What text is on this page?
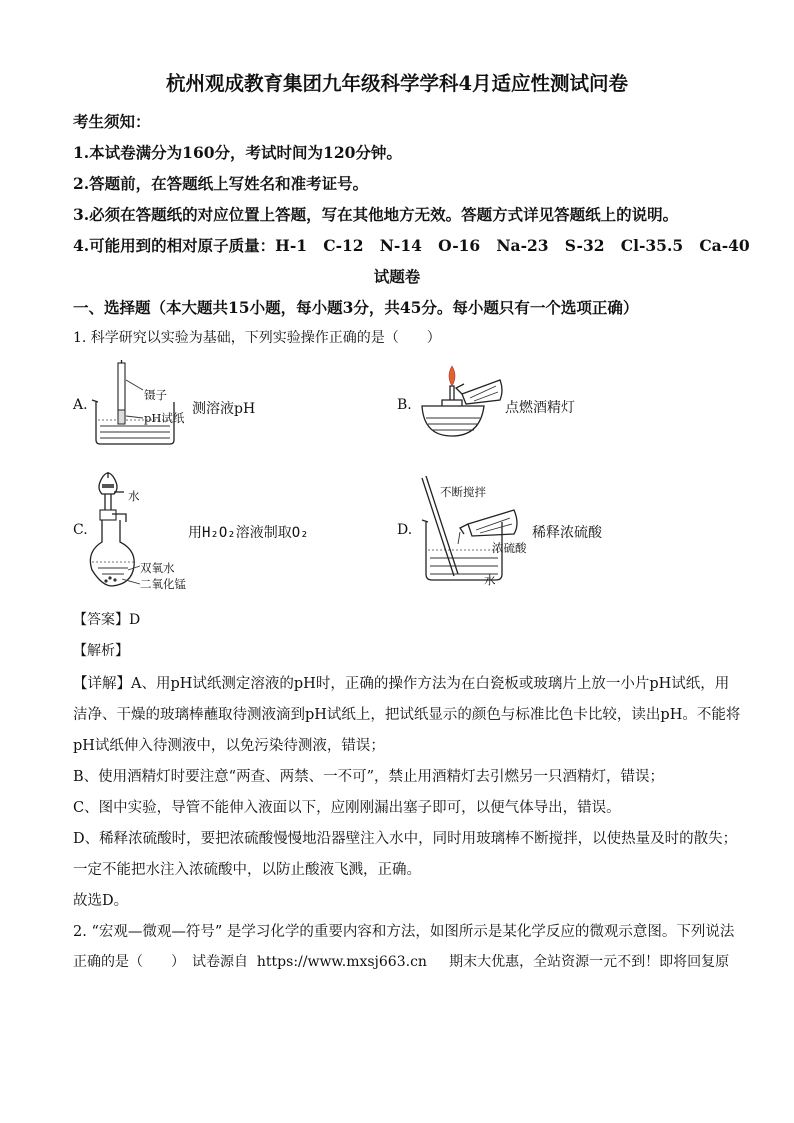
杭州观成教育集团九年级科学学科4月适应性测试问卷
考生须知：
1.本试卷满分为160分，考试时间为120分钟。
2.答题前，在答题纸上写姓名和准考证号。
3.必须在答题纸的对应位置上答题，写在其他地方无效。答题方式详见答题纸上的说明。
4.可能用到的相对原子质量：H-1   C-12   N-14   O-16   Na-23   S-32   Cl-35.5   Ca-40
试题卷
一、选择题（本大题共15小题，每小题3分，共45分。每小题只有一个选项正确）
1. 科学研究以实验为基础，下列实验操作正确的是（　　）
A.
镊子
pH试纸
测溶液pH	B.	点燃酒精灯
C.
水
双氧水
二氧化锰
用H₂O₂溶液制取O₂	D.
不断搅拌
浓硫酸
水
稀释浓硫酸
【答案】D
【解析】
【详解】A、用pH试纸测定溶液的pH时，正确的操作方法为在白瓷板或玻璃片上放一小片pH试纸，用
洁净、干燥的玻璃棒蘸取待测液滴到pH试纸上，把试纸显示的颜色与标准比色卡比较，读出pH。不能将
pH试纸伸入待测液中，以免污染待测液，错误；
B、使用酒精灯时要注意“两查、两禁、一不可”，禁止用酒精灯去引燃另一只酒精灯，错误；
C、图中实验，导管不能伸入液面以下，应刚刚漏出塞子即可，以便气体导出，错误。
D、稀释浓硫酸时，要把浓硫酸慢慢地沿器壁注入水中，同时用玻璃棒不断搅拌，以使热量及时的散失；
一定不能把水注入浓硫酸中，以防止酸液飞溅，正确。
故选D。
2. “宏观—微观—符号” 是学习化学的重要内容和方法，如图所示是某化学反应的微观示意图。下列说法
正确的是（　　）　试卷源自  https://www.mxsj663.cn     期末大优惠，全站资源一元不到！即将回复原
